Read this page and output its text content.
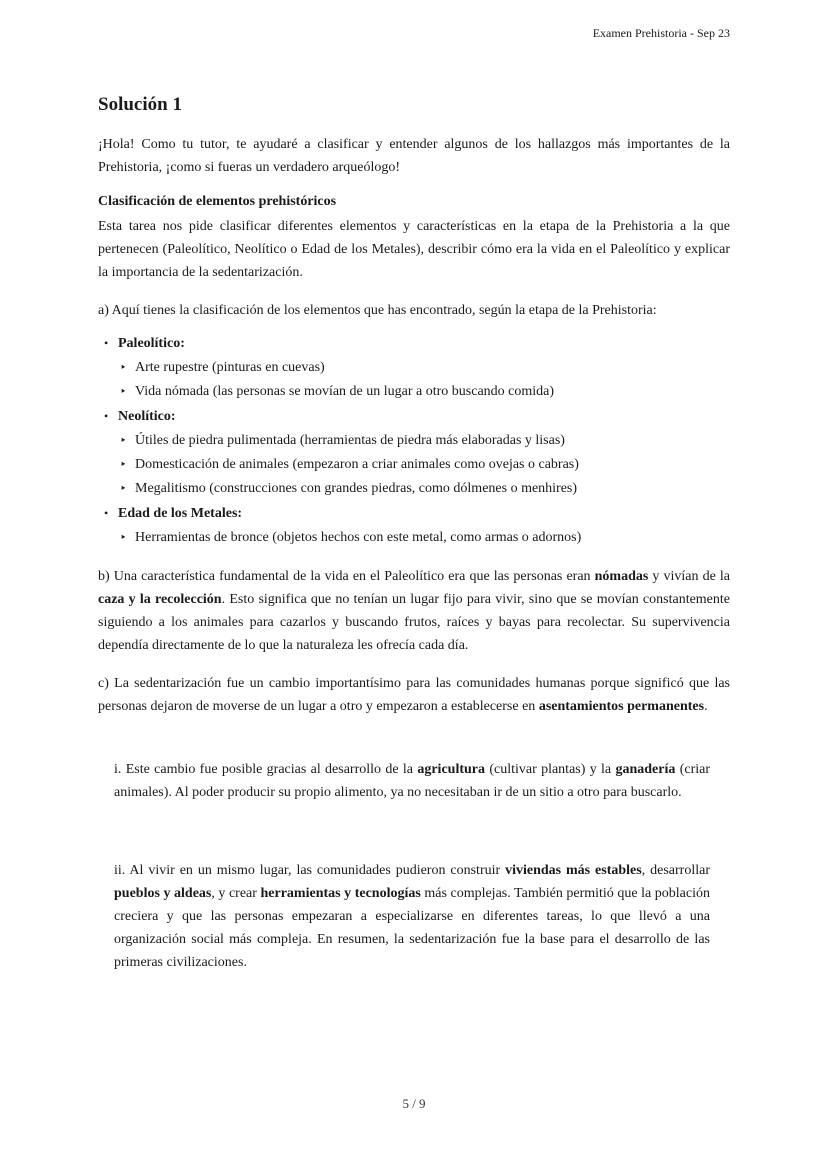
Examen Prehistoria - Sep 23
Solución 1

¡Hola! Como tu tutor, te ayudaré a clasificar y entender algunos de los hallazgos más importantes de la Prehistoria, ¡como si fueras un verdadero arqueólogo!

Clasificación de elementos prehistóricos

Esta tarea nos pide clasificar diferentes elementos y características en la etapa de la Prehistoria a la que pertenecen (Paleolítico, Neolítico o Edad de los Metales), describir cómo era la vida en el Paleolítico y explicar la importancia de la sedentarización.

a) Aquí tienes la clasificación de los elementos que has encontrado, según la etapa de la Prehistoria:

• Paleolítico:
‣ Arte rupestre (pinturas en cuevas)
‣ Vida nómada (las personas se movían de un lugar a otro buscando comida)
• Neolítico:
‣ Útiles de piedra pulimentada (herramientas de piedra más elaboradas y lisas)
‣ Domesticación de animales (empezaron a criar animales como ovejas o cabras)
‣ Megalitismo (construcciones con grandes piedras, como dólmenes o menhires)
• Edad de los Metales:
‣ Herramientas de bronce (objetos hechos con este metal, como armas o adornos)

b) Una característica fundamental de la vida en el Paleolítico era que las personas eran nómadas y vivían de la caza y la recolección. Esto significa que no tenían un lugar fijo para vivir, sino que se movían constantemente siguiendo a los animales para cazarlos y buscando frutos, raíces y bayas para recolectar. Su supervivencia dependía directamente de lo que la naturaleza les ofrecía cada día.

c) La sedentarización fue un cambio importantísimo para las comunidades humanas porque significó que las personas dejaron de moverse de un lugar a otro y empezaron a establecerse en asentamientos permanentes.

i. Este cambio fue posible gracias al desarrollo de la agricultura (cultivar plantas) y la ganadería (criar animales). Al poder producir su propio alimento, ya no necesitaban ir de un sitio a otro para buscarlo.

ii. Al vivir en un mismo lugar, las comunidades pudieron construir viviendas más estables, desarrollar pueblos y aldeas, y crear herramientas y tecnologías más complejas. También permitió que la población creciera y que las personas empezaran a especializarse en diferentes tareas, lo que llevó a una organización social más compleja. En resumen, la sedentarización fue la base para el desarrollo de las primeras civilizaciones.

5 / 9
